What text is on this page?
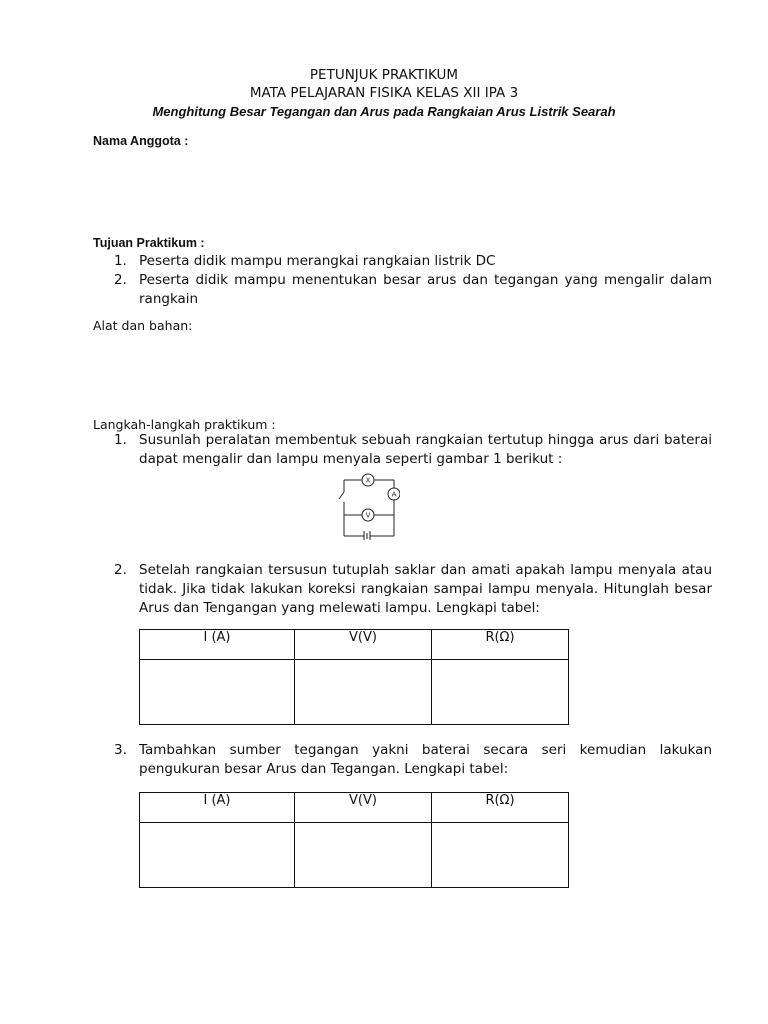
PETUNJUK PRAKTIKUM

MATA PELAJARAN FISIKA KELAS XII IPA 3

Menghitung Besar Tegangan dan Arus pada Rangkaian Arus Listrik Searah

Nama Anggota :

Tujuan Praktikum :

1. Peserta didik mampu merangkai rangkaian listrik DC
2. Peserta didik mampu menentukan besar arus dan tegangan yang mengalir dalam rangkain

Alat dan bahan:

Langkah-langkah praktikum :

1. Susunlah peralatan membentuk sebuah rangkaian tertutup hingga arus dari baterai dapat mengalir dan lampu menyala seperti gambar 1 berikut :
X
A
V
2. Setelah rangkaian tersusun tutuplah saklar dan amati apakah lampu menyala atau tidak. Jika tidak lakukan koreksi rangkaian sampai lampu menyala. Hitunglah besar Arus dan Tengangan yang melewati lampu. Lengkapi tabel:
I (A)	V(V)	R(Ω)

3. Tambahkan sumber tegangan yakni baterai secara seri kemudian lakukan pengukuran besar Arus dan Tegangan. Lengkapi tabel:
I (A)	V(V)	R(Ω)
